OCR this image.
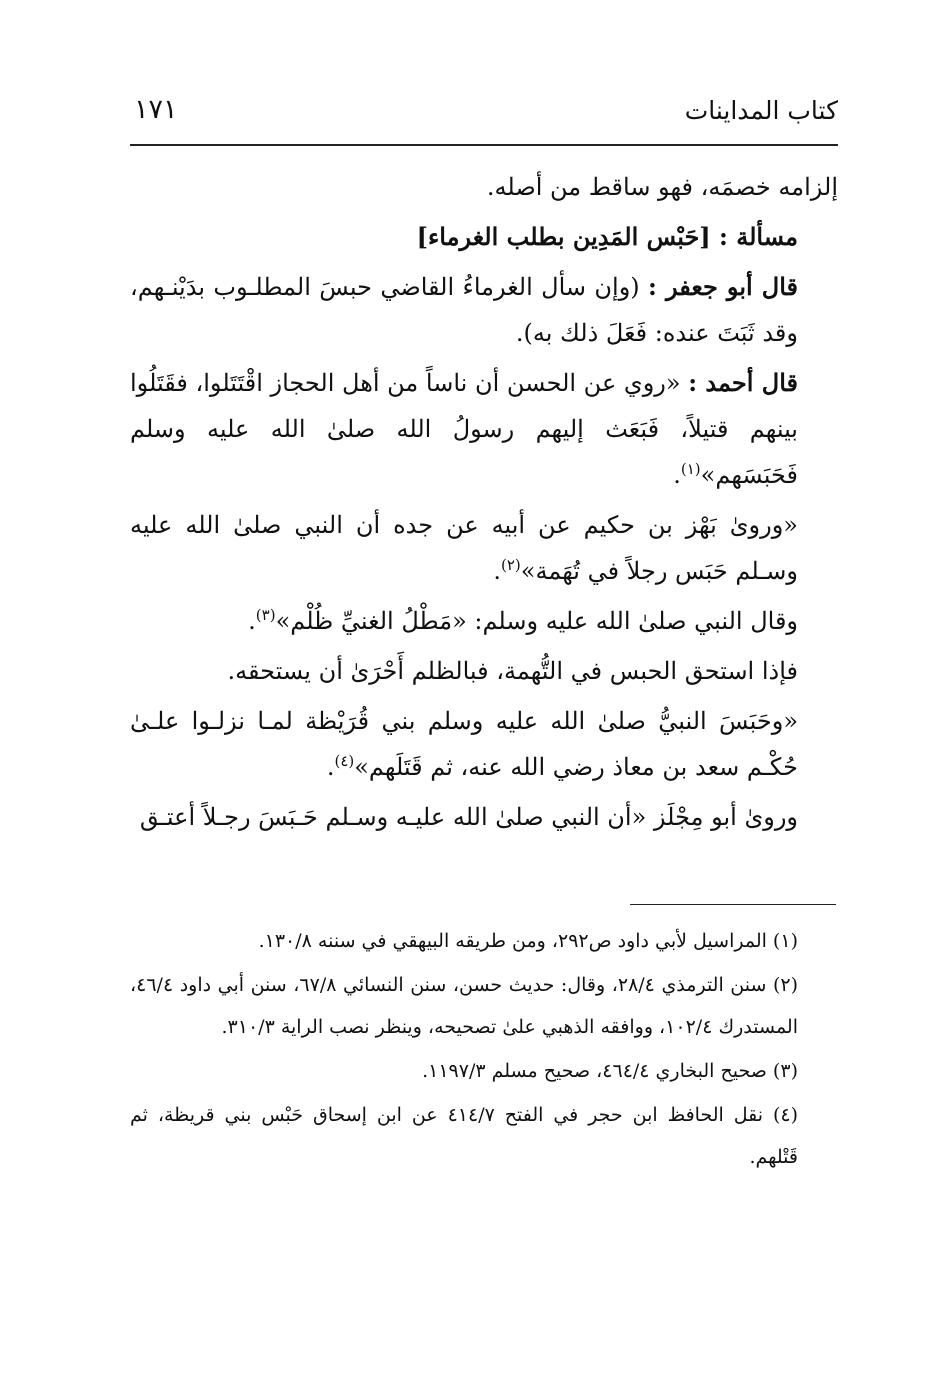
كتاب المداينات
١٧١

إلزامه خصمَه، فهو ساقط من أصله.

مسألة : [حَبْس المَدِين بطلب الغرماء]

قال أبو جعفر : (وإن سأل الغرماءُ القاضي حبسَ المطلـوب بدَيْنـهم، وقد ثَبَتَ عنده: فَعَلَ ذلك به).

قال أحمد : «روي عن الحسن أن ناساً من أهل الحجاز اقْتَتَلوا، فقَتَلُوا بينهم قتيلاً، فَبَعَث إليهم رسولُ الله صلىٰ الله عليه وسلم فَحَبَسَهم»$^{(١)}$.

«وروىٰ بَهْز بن حكيم عن أبيه عن جده أن النبي صلىٰ الله عليه وسـلم حَبَس رجلاً في تُهَمة»$^{(٢)}$.

وقال النبي صلىٰ الله عليه وسلم: «مَطْلُ الغنيِّ ظُلْم»$^{(٣)}$.

فإذا استحق الحبس في التُّهمة، فبالظلم أَحْرَىٰ أن يستحقه.

«وحَبَسَ النبيُّ صلىٰ الله عليه وسلم بني قُرَيْظة لمـا نزلـوا علـىٰ حُكْـم سعد بن معاذ رضي الله عنه، ثم قَتَلَهم»$^{(٤)}$.

وروىٰ أبو مِجْلَز «أن النبي صلىٰ الله عليـه وسـلم حَـبَسَ رجـلاً أعتـق

(١) المراسيل لأبي داود ص٢٩٢، ومن طريقه البيهقي في سننه ١٣٠/٨.

(٢) سنن الترمذي ٢٨/٤، وقال: حديث حسن، سنن النسائي ٦٧/٨، سنن أبي داود ٤٦/٤، المستدرك ١٠٢/٤، ووافقه الذهبي علىٰ تصحيحه، وينظر نصب الراية ٣١٠/٣.

(٣) صحيح البخاري ٤٦٤/٤، صحيح مسلم ١١٩٧/٣.

(٤) نقل الحافظ ابن حجر في الفتح ٤١٤/٧ عن ابن إسحاق حَبْس بني قريظة، ثم قَتْلهم.
